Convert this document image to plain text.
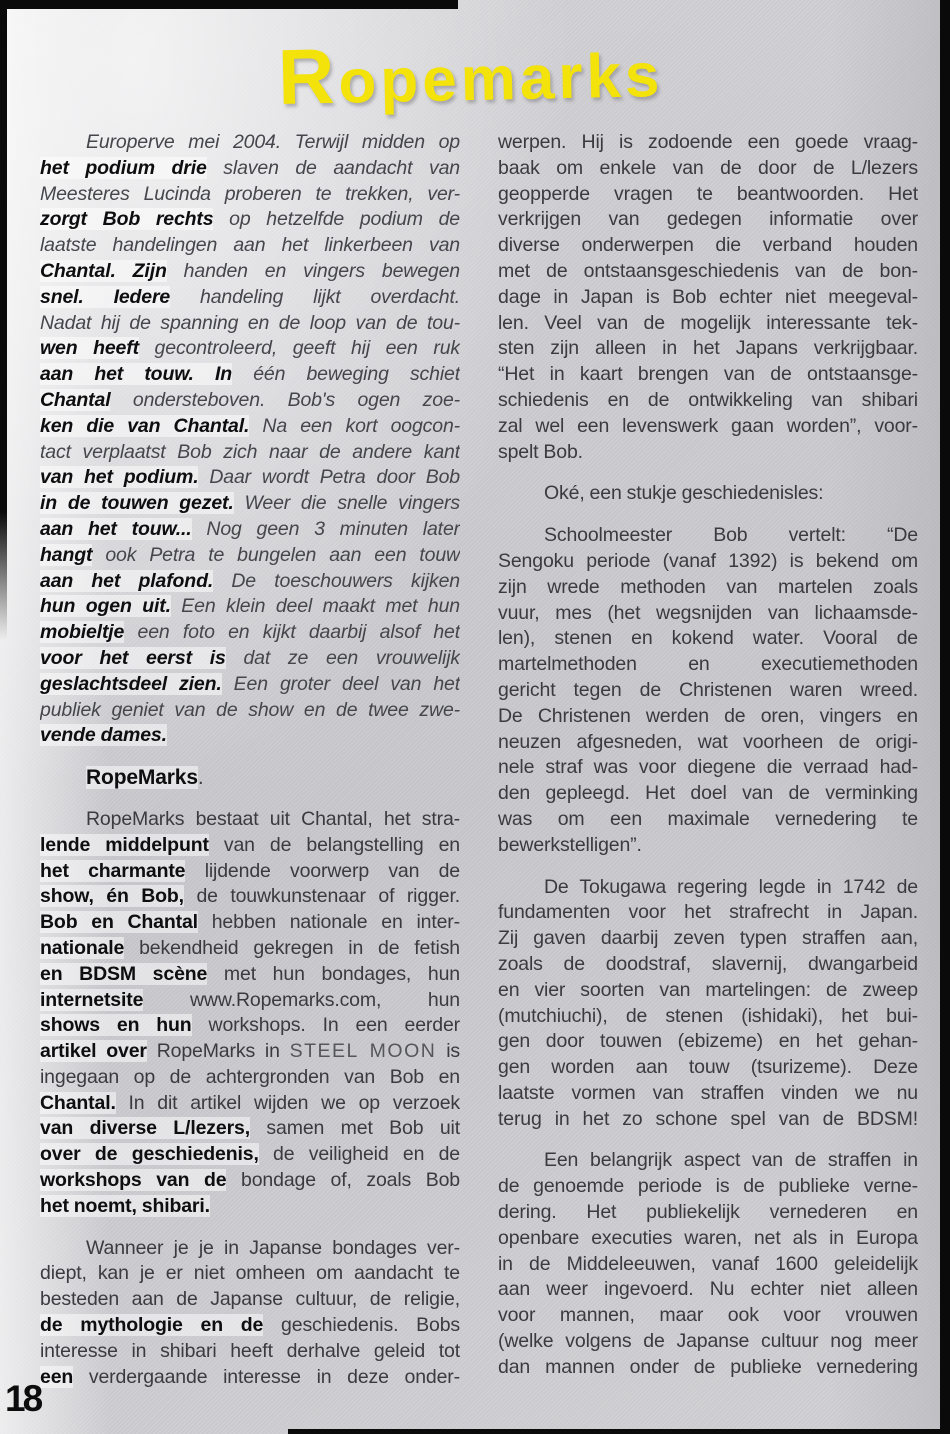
Ropemarks
Europerve mei 2004. Terwijl midden op
het podium drie slaven de aandacht van
Meesteres Lucinda proberen te trekken, ver-
zorgt Bob rechts op hetzelfde podium de
laatste handelingen aan het linkerbeen van
Chantal. Zijn handen en vingers bewegen
snel. Iedere handeling lijkt overdacht.
Nadat hij de spanning en de loop van de tou-
wen heeft gecontroleerd, geeft hij een ruk
aan het touw. In één beweging schiet
Chantal ondersteboven. Bob's ogen zoe-
ken die van Chantal. Na een kort oogcon-
tact verplaatst Bob zich naar de andere kant
van het podium. Daar wordt Petra door Bob
in de touwen gezet. Weer die snelle vingers
aan het touw... Nog geen 3 minuten later
hangt ook Petra te bungelen aan een touw
aan het plafond. De toeschouwers kijken
hun ogen uit. Een klein deel maakt met hun
mobieltje een foto en kijkt daarbij alsof het
voor het eerst is dat ze een vrouwelijk
geslachtsdeel zien. Een groter deel van het
publiek geniet van de show en de twee zwe-
vende dames.
RopeMarks.
RopeMarks bestaat uit Chantal, het stra-
lende middelpunt van de belangstelling en
het charmante lijdende voorwerp van de
show, én Bob, de touwkunstenaar of rigger.
Bob en Chantal hebben nationale en inter-
nationale bekendheid gekregen in de fetish
en BDSM scène met hun bondages, hun
internetsite www.Ropemarks.com, hun
shows en hun workshops. In een eerder
artikel over RopeMarks in STEEL MOON is
ingegaan op de achtergronden van Bob en
Chantal. In dit artikel wijden we op verzoek
van diverse L/lezers, samen met Bob uit
over de geschiedenis, de veiligheid en de
workshops van de bondage of, zoals Bob
het noemt, shibari.
Wanneer je je in Japanse bondages ver-
diept, kan je er niet omheen om aandacht te
besteden aan de Japanse cultuur, de religie,
de mythologie en de geschiedenis. Bobs
interesse in shibari heeft derhalve geleid tot
een verdergaande interesse in deze onder-
werpen. Hij is zodoende een goede vraag-
baak om enkele van de door de L/lezers
geopperde vragen te beantwoorden. Het
verkrijgen van gedegen informatie over
diverse onderwerpen die verband houden
met de ontstaansgeschiedenis van de bon-
dage in Japan is Bob echter niet meegeval-
len. Veel van de mogelijk interessante tek-
sten zijn alleen in het Japans verkrijgbaar.
“Het in kaart brengen van de ontstaansge-
schiedenis en de ontwikkeling van shibari
zal wel een levenswerk gaan worden”, voor-
spelt Bob.
Oké, een stukje geschiedenisles:
Schoolmeester Bob vertelt: “De
Sengoku periode (vanaf 1392) is bekend om
zijn wrede methoden van martelen zoals
vuur, mes (het wegsnijden van lichaamsde-
len), stenen en kokend water. Vooral de
martelmethoden en executiemethoden
gericht tegen de Christenen waren wreed.
De Christenen werden de oren, vingers en
neuzen afgesneden, wat voorheen de origi-
nele straf was voor diegene die verraad had-
den gepleegd. Het doel van de verminking
was om een maximale vernedering te
bewerkstelligen”.
De Tokugawa regering legde in 1742 de
fundamenten voor het strafrecht in Japan.
Zij gaven daarbij zeven typen straffen aan,
zoals de doodstraf, slavernij, dwangarbeid
en vier soorten van martelingen: de zweep
(mutchiuchi), de stenen (ishidaki), het bui-
gen door touwen (ebizeme) en het gehan-
gen worden aan touw (tsurizeme). Deze
laatste vormen van straffen vinden we nu
terug in het zo schone spel van de BDSM!
Een belangrijk aspect van de straffen in
de genoemde periode is de publieke verne-
dering. Het publiekelijk vernederen en
openbare executies waren, net als in Europa
in de Middeleeuwen, vanaf 1600 geleidelijk
aan weer ingevoerd. Nu echter niet alleen
voor mannen, maar ook voor vrouwen
(welke volgens de Japanse cultuur nog meer
dan mannen onder de publieke vernedering
18
